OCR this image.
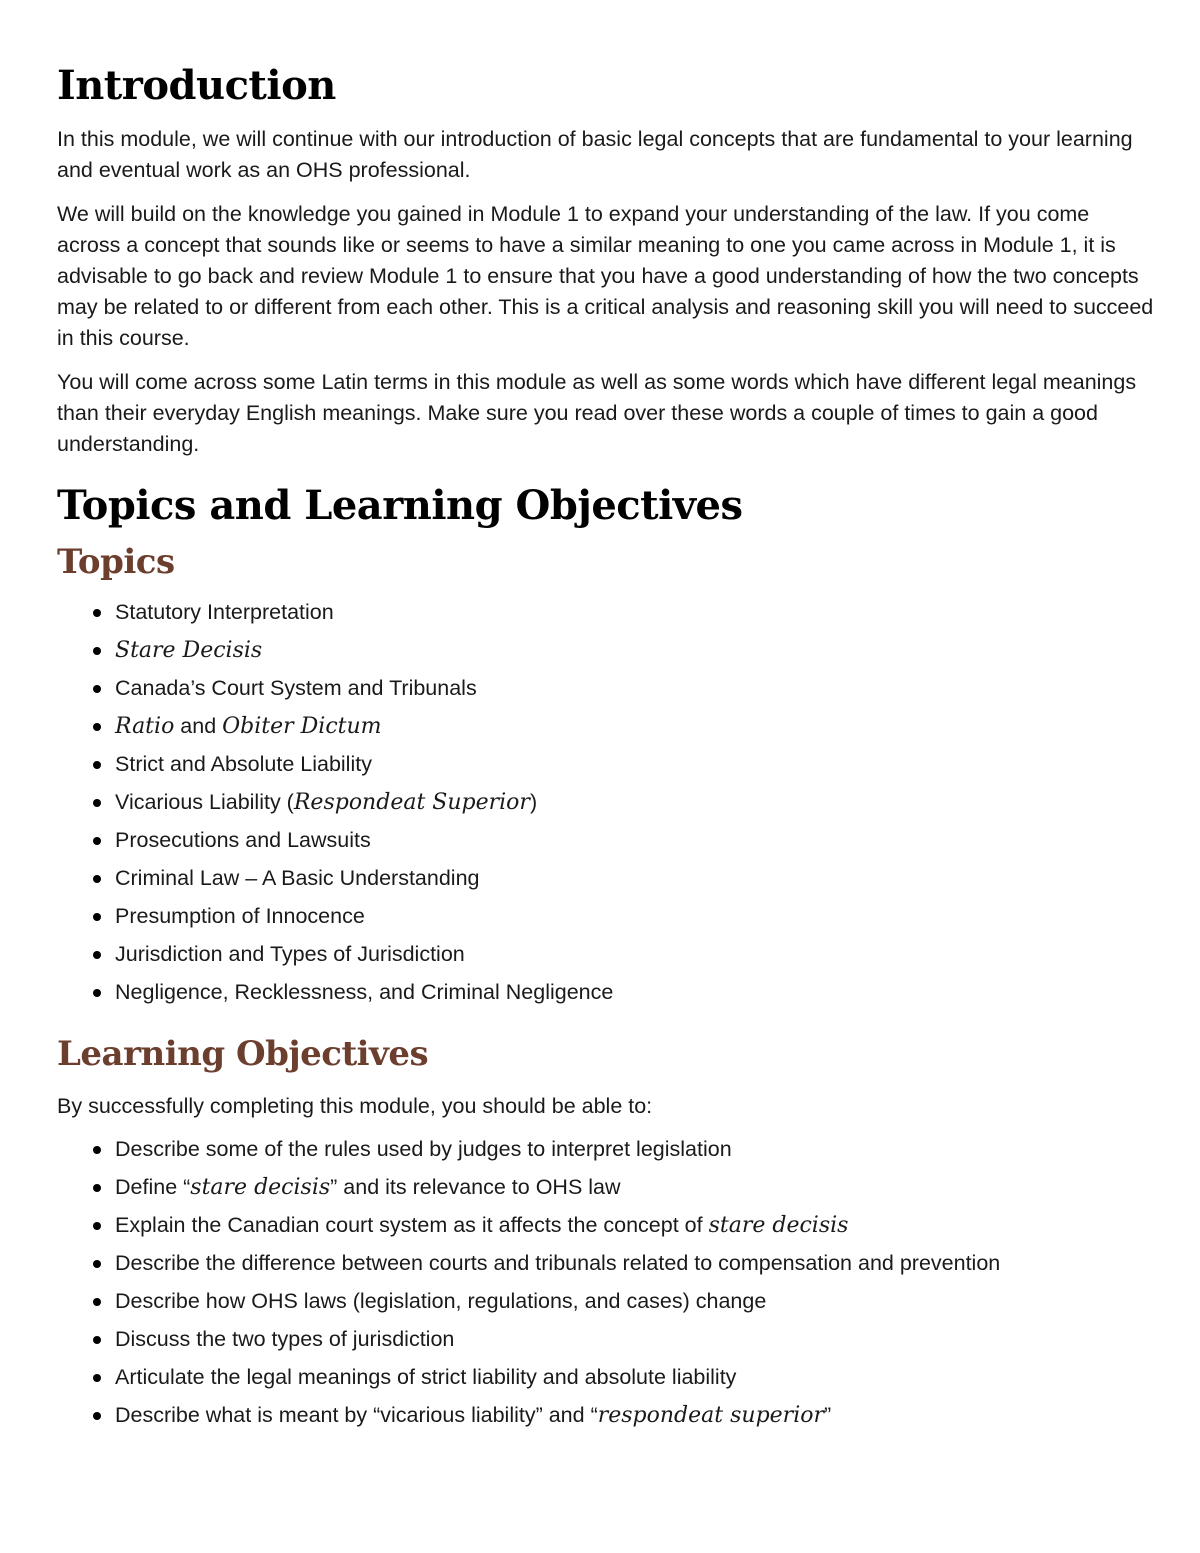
Introduction

In this module, we will continue with our introduction of basic legal concepts that are fundamental to your learning and eventual work as an OHS professional.

We will build on the knowledge you gained in Module 1 to expand your understanding of the law. If you come across a concept that sounds like or seems to have a similar meaning to one you came across in Module 1, it is advisable to go back and review Module 1 to ensure that you have a good understanding of how the two concepts may be related to or different from each other. This is a critical analysis and reasoning skill you will need to succeed in this course.

You will come across some Latin terms in this module as well as some words which have different legal meanings than their everyday English meanings. Make sure you read over these words a couple of times to gain a good understanding.

Topics and Learning Objectives
Topics
Statutory Interpretation
Stare Decisis
Canada’s Court System and Tribunals
Ratio and Obiter Dictum
Strict and Absolute Liability
Vicarious Liability (Respondeat Superior)
Prosecutions and Lawsuits
Criminal Law – A Basic Understanding
Presumption of Innocence
Jurisdiction and Types of Jurisdiction
Negligence, Recklessness, and Criminal Negligence
Learning Objectives

By successfully completing this module, you should be able to:

Describe some of the rules used by judges to interpret legislation
Define “stare decisis” and its relevance to OHS law
Explain the Canadian court system as it affects the concept of stare decisis
Describe the difference between courts and tribunals related to compensation and prevention
Describe how OHS laws (legislation, regulations, and cases) change
Discuss the two types of jurisdiction
Articulate the legal meanings of strict liability and absolute liability
Describe what is meant by “vicarious liability” and “respondeat superior”
